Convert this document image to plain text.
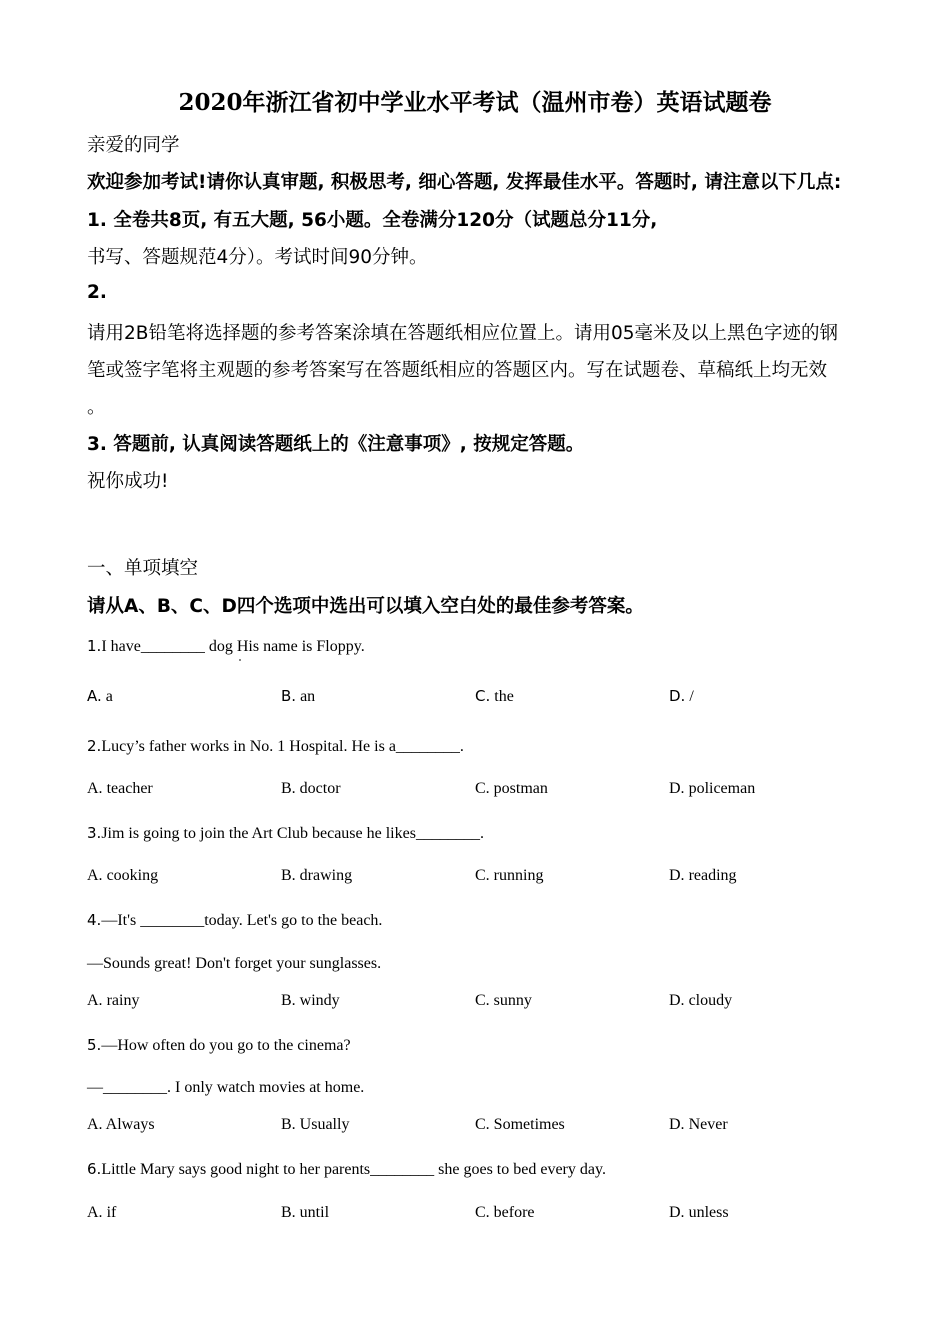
2020年浙江省初中学业水平考试（温州市卷）英语试题卷
亲爱的同学
欢迎参加考试!请你认真审题, 积极思考, 细心答题, 发挥最佳水平。答题时, 请注意以下几点:
1. 全卷共8页, 有五大题, 56小题。全卷满分120分（试题总分11分,
书写、答题规范4分）。考试时间90分钟。
2.
请用2B铅笔将选择题的参考答案涂填在答题纸相应位置上。请用05毫米及以上黑色字迹的钢
笔或签字笔将主观题的参考答案写在答题纸相应的答题区内。写在试题卷、草稿纸上均无效
。
3. 答题前, 认真阅读答题纸上的《注意事项》, 按规定答题。
祝你成功!
一、单项填空
请从A、B、C、D四个选项中选出可以填入空白处的最佳参考答案。
1.I have________ dog His name is Floppy.
A. a	B. an	C. the	D. /
2.Lucy’s father works in No. 1 Hospital. He is a________.
A. teacher	B. doctor	C. postman	D. policeman
3.Jim is going to join the Art Club because he likes________.
A. cooking	B. drawing	C. running	D. reading
4.—It's ________today. Let's go to the beach.
—Sounds great! Don't forget your sunglasses.
A. rainy	B. windy	C. sunny	D. cloudy
5.—How often do you go to the cinema?
—________. I only watch movies at home.
A. Always	B. Usually	C. Sometimes	D. Never
6.Little Mary says good night to her parents________ she goes to bed every day.
A. if	B. until	C. before	D. unless
